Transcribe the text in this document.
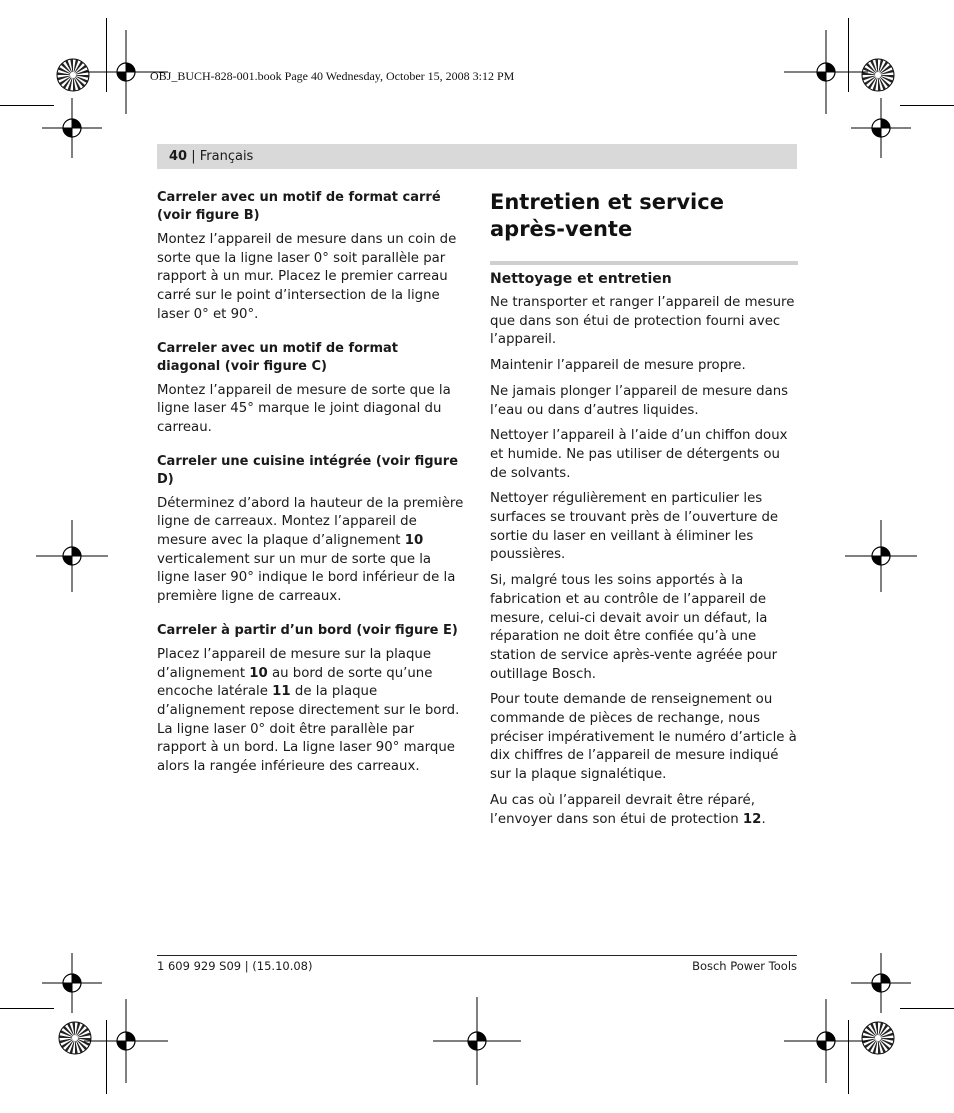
OBJ_BUCH-828-001.book Page 40 Wednesday, October 15, 2008 3:12 PM
40 | Français
Carreler avec un motif de format carré (voir figure B)

Montez l’appareil de mesure dans un coin de sorte que la ligne laser 0° soit parallèle par rapport à un mur. Placez le premier carreau carré sur le point d’intersection de la ligne laser 0° et 90°.

Carreler avec un motif de format diagonal (voir figure C)

Montez l’appareil de mesure de sorte que la ligne laser 45° marque le joint diagonal du carreau.

Carreler une cuisine intégrée (voir figure D)

Déterminez d’abord la hauteur de la première ligne de carreaux. Montez l’appareil de mesure avec la plaque d’alignement 10 verticalement sur un mur de sorte que la ligne laser 90° indique le bord inférieur de la première ligne de carreaux.

Carreler à partir d’un bord (voir figure E)

Placez l’appareil de mesure sur la plaque d’alignement 10 au bord de sorte qu’une encoche latérale 11 de la plaque d’alignement repose directement sur le bord. La ligne laser 0° doit être parallèle par rapport à un bord. La ligne laser 90° marque alors la rangée inférieure des carreaux.

Entretien et service
après-vente
Nettoyage et entretien

Ne transporter et ranger l’appareil de mesure que dans son étui de protection fourni avec l’appareil.

Maintenir l’appareil de mesure propre.

Ne jamais plonger l’appareil de mesure dans l’eau ou dans d’autres liquides.

Nettoyer l’appareil à l’aide d’un chiffon doux et humide. Ne pas utiliser de détergents ou de solvants.

Nettoyer régulièrement en particulier les surfaces se trouvant près de l’ouverture de sortie du laser en veillant à éliminer les poussières.

Si, malgré tous les soins apportés à la fabrication et au contrôle de l’appareil de mesure, celui-ci devait avoir un défaut, la réparation ne doit être confiée qu’à une station de service après-vente agréée pour outillage Bosch.

Pour toute demande de renseignement ou commande de pièces de rechange, nous préciser impérativement le numéro d’article à dix chiffres de l’appareil de mesure indiqué sur la plaque signalétique.

Au cas où l’appareil devrait être réparé, l’envoyer dans son étui de protection 12.

1 609 929 S09 | (15.10.08)	Bosch Power Tools
